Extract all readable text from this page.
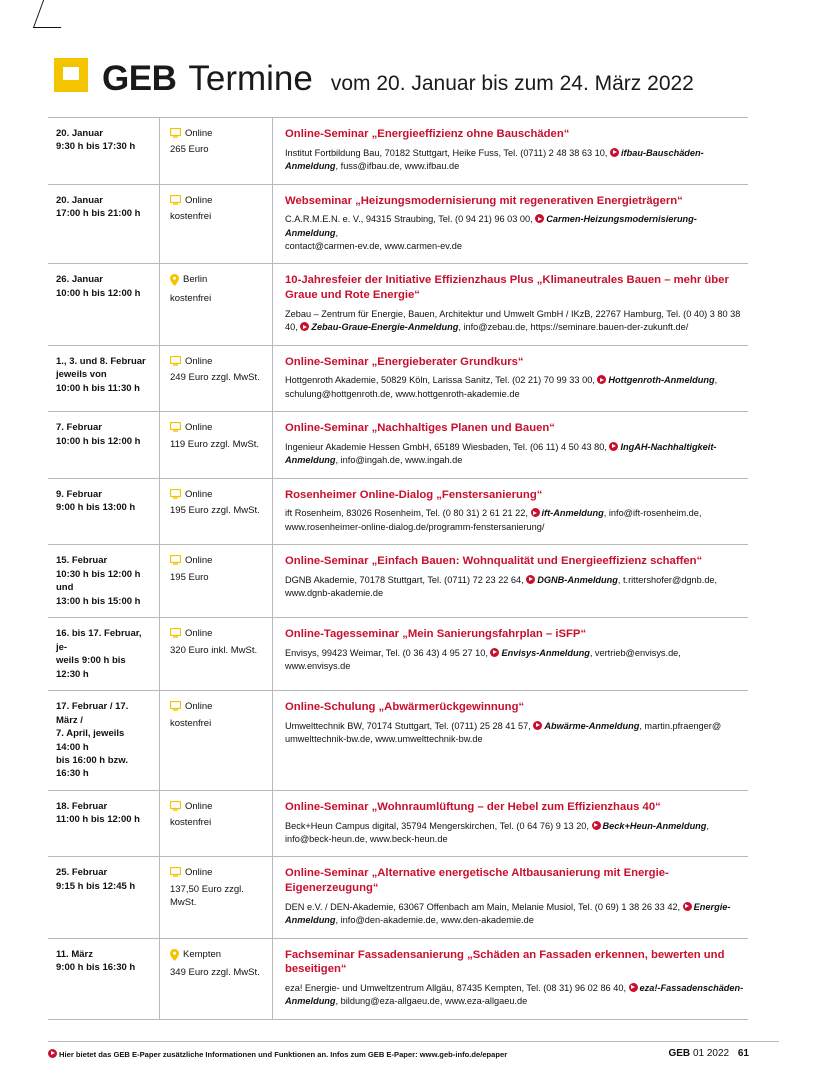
GEB Termine vom 20. Januar bis zum 24. März 2022
20. Januar
9:30 h bis 17:30 h
Online
265 Euro
Online-Seminar „Energieeffizienz ohne Bauschäden“
Institut Fortbildung Bau, 70182 Stuttgart, Heike Fuss, Tel. (0711) 2 48 38 63 10, ifbau-Bauschäden-Anmeldung, fuss@ifbau.de, www.ifbau.de
20. Januar
17:00 h bis 21:00 h
Online
kostenfrei
Webseminar „Heizungsmodernisierung mit regenerativen Energieträgern“
C.A.R.M.E.N. e. V., 94315 Straubing, Tel. (0 94 21) 96 03 00, Carmen-Heizungsmodernisierung-Anmeldung,
contact@carmen-ev.de, www.carmen-ev.de
26. Januar
10:00 h bis 12:00 h
Berlin
kostenfrei
10-Jahresfeier der Initiative Effizienzhaus Plus „Klimaneutrales Bauen – mehr über Graue und Rote Energie“
Zebau – Zentrum für Energie, Bauen, Architektur und Umwelt GmbH / IKzB, 22767 Hamburg, Tel. (0 40) 3 80 38 40, Zebau-Graue-Energie-Anmeldung, info@zebau.de, https://seminare.bauen-der-zukunft.de/
1., 3. und 8. Februar
jeweils von
10:00 h bis 11:30 h
Online
249 Euro zzgl. MwSt.
Online-Seminar „Energieberater Grundkurs“
Hottgenroth Akademie, 50829 Köln, Larissa Sanitz, Tel. (02 21) 70 99 33 00, Hottgenroth-Anmeldung,
schulung@hottgenroth.de, www.hottgenroth-akademie.de
7. Februar
10:00 h bis 12:00 h
Online
119 Euro zzgl. MwSt.
Online-Seminar „Nachhaltiges Planen und Bauen“
Ingenieur Akademie Hessen GmbH, 65189 Wiesbaden, Tel. (06 11) 4 50 43 80, IngAH-Nachhaltigkeit-Anmeldung, info@ingah.de, www.ingah.de
9. Februar
9:00 h bis 13:00 h
Online
195 Euro zzgl. MwSt.
Rosenheimer Online-Dialog „Fenstersanierung“
ift Rosenheim, 83026 Rosenheim, Tel. (0 80 31) 2 61 21 22, ift-Anmeldung, info@ift-rosenheim.de,
www.rosenheimer-online-dialog.de/programm-fenstersanierung/
15. Februar
10:30 h bis 12:00 h und
13:00 h bis 15:00 h
Online
195 Euro
Online-Seminar „Einfach Bauen: Wohnqualität und Energieeffizienz schaffen“
DGNB Akademie, 70178 Stuttgart, Tel. (0711) 72 23 22 64, DGNB-Anmeldung, t.rittershofer@dgnb.de,
www.dgnb-akademie.de
16. bis 17. Februar, je-
weils 9:00 h bis 12:30 h
Online
320 Euro inkl. MwSt.
Online-Tagesseminar „Mein Sanierungsfahrplan – iSFP“
Envisys, 99423 Weimar, Tel. (0 36 43) 4 95 27 10, Envisys-Anmeldung, vertrieb@envisys.de, www.envisys.de
17. Februar / 17. März /
7. April, jeweils 14:00 h
bis 16:00 h bzw. 16:30 h
Online
kostenfrei
Online-Schulung „Abwärmerückgewinnung“
Umwelttechnik BW, 70174 Stuttgart, Tel. (0711) 25 28 41 57, Abwärme-Anmeldung, martin.pfraenger@
umwelttechnik-bw.de, www.umwelttechnik-bw.de
18. Februar
11:00 h bis 12:00 h
Online
kostenfrei
Online-Seminar „Wohnraumlüftung – der Hebel zum Effizienzhaus 40“
Beck+Heun Campus digital, 35794 Mengerskirchen, Tel. (0 64 76) 9 13 20, Beck+Heun-Anmeldung,
info@beck-heun.de, www.beck-heun.de
25. Februar
9:15 h bis 12:45 h
Online
137,50 Euro zzgl. MwSt.
Online-Seminar „Alternative energetische Altbausanierung mit Energie-Eigenerzeugung“
DEN e.V. / DEN-Akademie, 63067 Offenbach am Main, Melanie Musiol, Tel. (0 69) 1 38 26 33 42, Energie-Anmeldung, info@den-akademie.de, www.den-akademie.de
11. März
9:00 h bis 16:30 h
Kempten
349 Euro zzgl. MwSt.
Fachseminar Fassadensanierung „Schäden an Fassaden erkennen, bewerten und beseitigen“
eza! Energie- und Umweltzentrum Allgäu, 87435 Kempten, Tel. (08 31) 96 02 86 40, eza!-Fassadenschäden-Anmeldung, bildung@eza-allgaeu.de, www.eza-allgaeu.de
Hier bietet das GEB E-Paper zusätzliche Informationen und Funktionen an. Infos zum GEB E-Paper: www.geb-info.de/epaper	GEB 01 2022 61
